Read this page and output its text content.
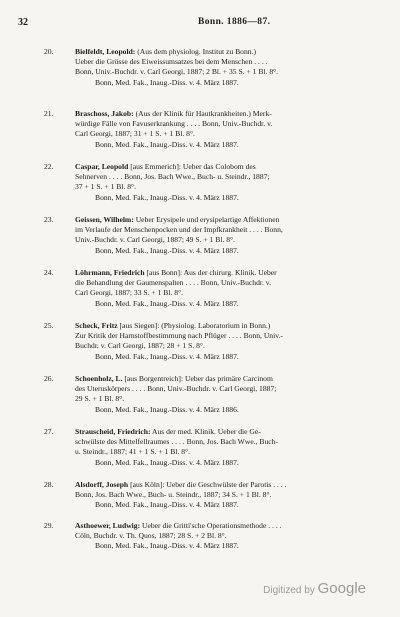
32	Bonn. 1886—87.
20.	Bielfeldt, Leopold: (Aus dem physiolog. Institut zu Bonn.)
Ueber die Grösse des Eiweissumsatzes bei dem Menschen . . . .
Bonn, Univ.-Buchdr. v. Carl Georgi, 1887; 2 Bl. + 35 S. + 1 Bl. 8°.
Bonn, Med. Fak., Inaug.-Diss. v. 4. März 1887.
21.	Braschoss, Jakob: (Aus der Klinik für Hautkrankheiten.) Merk-
würdige Fälle von Favuserkrankung . . . . Bonn, Univ.-Buchdr. v.
Carl Georgi, 1887; 31 + 1 S. + 1 Bl. 8°.
Bonn, Med. Fak., Inaug.-Diss. v. 4. März 1887.
22.	Caspar, Leopold [aus Emmerich]: Ueber das Colobom des
Sehnerven . . . . Bonn, Jos. Bach Wwe., Buch- u. Steindr., 1887;
37 + 1 S. + 1 Bl. 8°.
Bonn, Med. Fak., Inaug.-Diss. v. 4. März 1887.
23.	Geissen, Wilhelm: Ueber Erysipele und erysipelartige Affektionen
im Verlaufe der Menschenpocken und der Impfkrankheit . . . . Bonn,
Univ.-Buchdr. v. Carl Georgi, 1887; 49 S. + 1 Bl. 8°.
Bonn, Med. Fak., Inaug.-Diss. v. 4. März 1887.
24.	Löhrmann, Friedrich [aus Bonn]: Aus der chirurg. Klinik. Ueber
die Behandlung der Gaumenspalten . . . . Bonn, Univ.-Buchdr. v.
Carl Georgi, 1887; 33 S. + 1 Bl. 8°.
Bonn, Med. Fak., Inaug.-Diss. v. 4. März 1887.
25.	Scheck, Fritz [aus Siegen]: (Physiolog. Laboratorium in Bonn.)
Zur Kritik der Harnstoffbestimmung nach Pflüger . . . . Bonn, Univ.-
Buchdr. v. Carl Georgi, 1887; 28 + 1 S. 8°.
Bonn, Med. Fak., Inaug.-Diss. v. 4. März 1887.
26.	Schoenholz, L. [aus Borgentreich]: Ueber das primäre Carcinom
des Uteruskörpers . . . . Bonn, Univ.-Buchdr. v. Carl Georgi, 1887;
29 S. + 1 Bl. 8°.
Bonn, Med. Fak., Inaug.-Diss. v. 4. März 1886.
27.	Strauscheid, Friedrich: Aus der med. Klinik. Ueber die Ge-
schwülste des Mittelfellraumes . . . . Bonn, Jos. Bach Wwe., Buch-
u. Steindr., 1887; 41 + 1 S. + 1 Bl. 8°.
Bonn, Med. Fak., Inaug.-Diss. v. 4. März 1887.
28.	Alsdorff, Joseph [aus Köln]: Ueber die Geschwülste der Parotis . . . .
Bonn, Jos. Bach Wwe., Buch- u. Steindr., 1887; 34 S. + 1 Bl. 8°.
Bonn, Med. Fak., Inaug.-Diss. v. 4. März 1887.
29.	Asthoewer, Ludwig: Ueber die Gritti'sche Operationsmethode . . . .
Cöln, Buchdr. v. Th. Quos, 1887; 28 S. + 2 Bl. 8°.
Bonn, Med. Fak., Inaug.-Diss. v. 4. März 1887.
Digitized by Google
